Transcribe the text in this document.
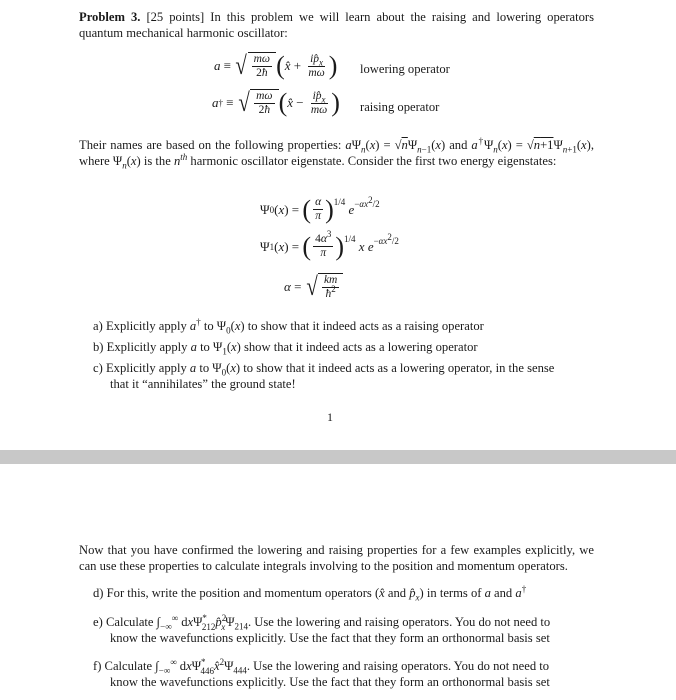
Problem 3. [25 points] In this problem we will learn about the raising and lowering operators quantum mechanical harmonic oscillator:
a ≡ √ $\frac{m\omega}{2ħ}$ ( x̂ + $\frac{ip̂_x}{m\omega}$ ) lowering operator
a † ≡ √ $\frac{m\omega}{2ħ}$ ( x̂ − $\frac{ip̂_x}{m\omega}$ ) raising operator
Their names are based on the following properties: $a\Psi_n(x) = √n\Psi_{n-1}(x)$ and $a^\dagger\Psi_n(x) = √n+1\Psi_{n+1}(x)$, where $\Psi_n(x)$ is the $n^{th}$ harmonic oscillator eigenstate. Consider the first two energy eigenstates:
Ψ 0 ( x ) = ( $\frac{\alpha}{\pi} )^{1/4}$
$e^{-\alpha x^2/2}$
Ψ 1 ( x ) = ( $\frac{4\alpha^3}{\pi} )^{1/4}$
x $e^{-\alpha x^2/2}$
α = √ $\frac{km}{ħ^2}$
a) Explicitly apply a† to $\Psi_0(x)$ to show that it indeed acts as a raising operator
b) Explicitly apply a to $\Psi_1(x)$ show that it indeed acts as a lowering operator
c) Explicitly apply a to $\Psi_0(x)$ to show that it indeed acts as a lowering operator, in the sense
that it “annihilates” the ground state!
1
Now that you have confirmed the lowering and raising properties for a few examples explicitly, we can use these properties to calculate integrals involving to the position and momentum operators.
d) For this, write the position and momentum operators (x̂ and $p̂_x$) in terms of a and a†
e) Calculate $\int_{-\infty}^\infty$ $dx\Psi^*_{212}p̂^2_x\Psi_{214}$. Use the lowering and raising operators. You do not need to
know the wavefunctions explicitly. Use the fact that they form an orthonormal basis set
f) Calculate $\int_{-\infty}^\infty$ $dx\Psi^*_{446}x̂^2\Psi_{444}$. Use the lowering and raising operators. You do not need to
know the wavefunctions explicitly. Use the fact that they form an orthonormal basis set
